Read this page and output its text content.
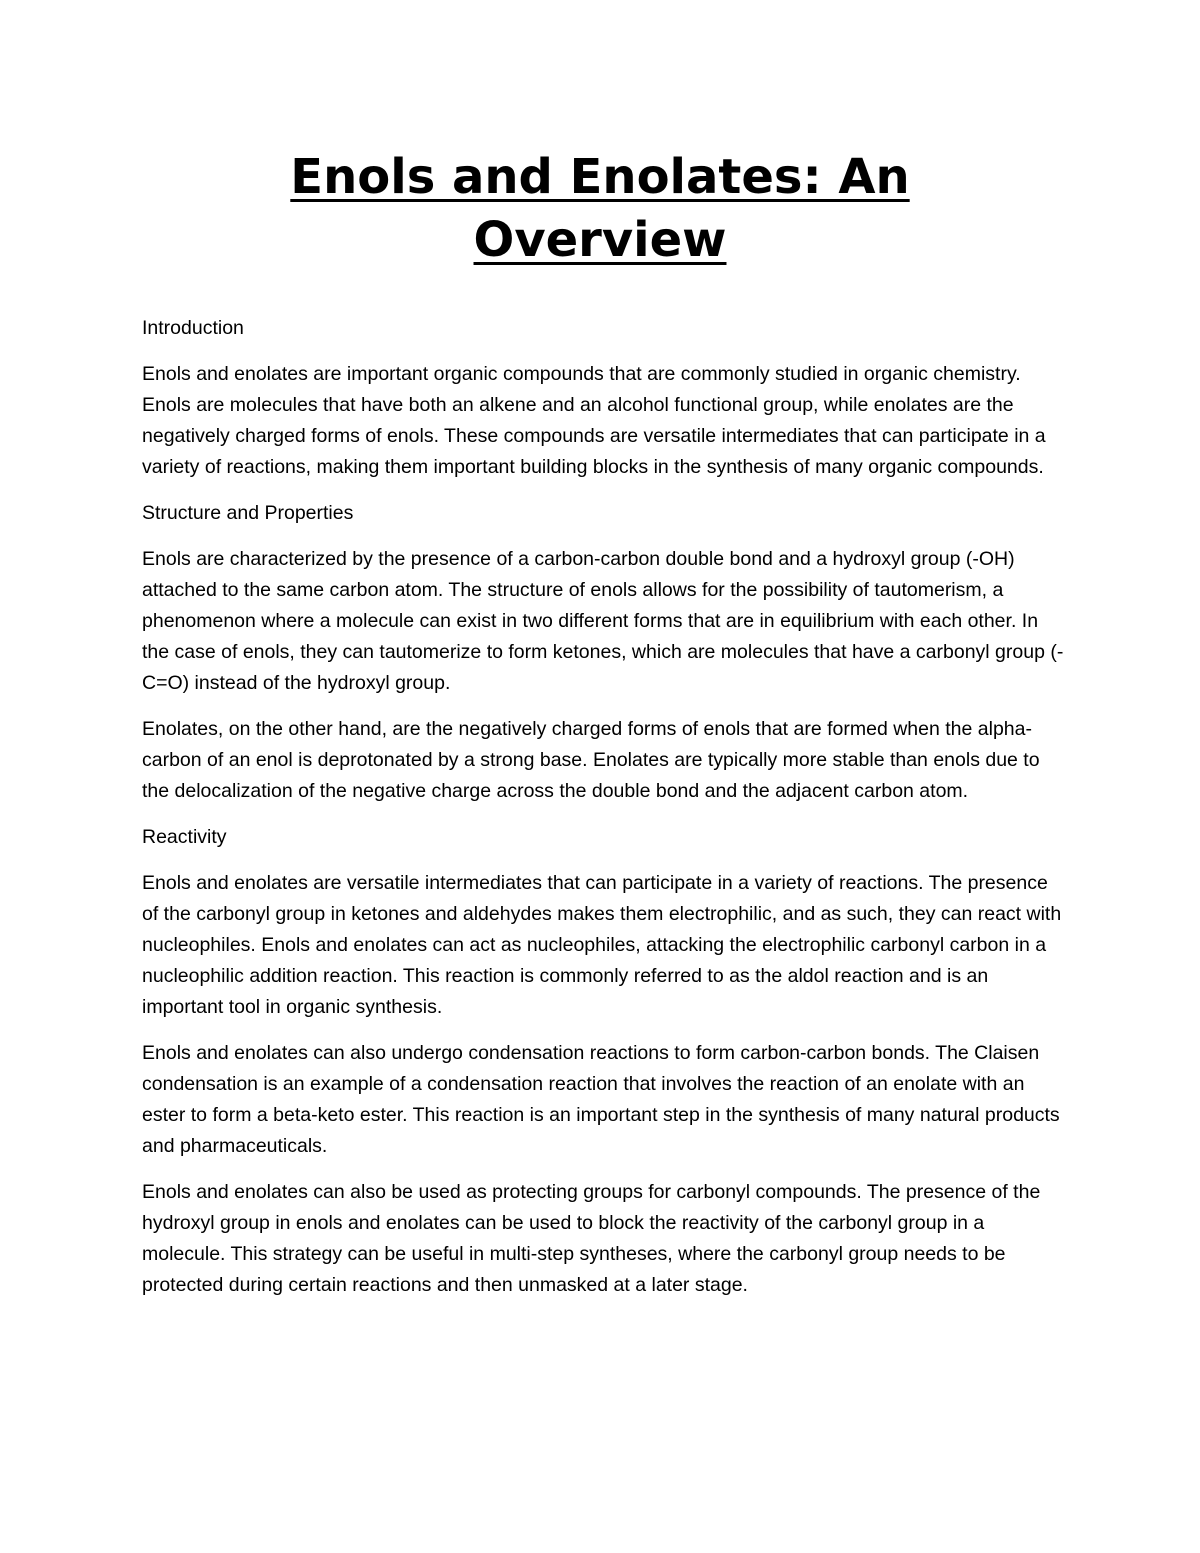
Enols and Enolates: An Overview

Introduction

Enols and enolates are important organic compounds that are commonly studied in organic chemistry. Enols are molecules that have both an alkene and an alcohol functional group, while enolates are the negatively charged forms of enols. These compounds are versatile intermediates that can participate in a variety of reactions, making them important building blocks in the synthesis of many organic compounds.

Structure and Properties

Enols are characterized by the presence of a carbon-carbon double bond and a hydroxyl group (-OH) attached to the same carbon atom. The structure of enols allows for the possibility of tautomerism, a phenomenon where a molecule can exist in two different forms that are in equilibrium with each other. In the case of enols, they can tautomerize to form ketones, which are molecules that have a carbonyl group (-C=O) instead of the hydroxyl group.

Enolates, on the other hand, are the negatively charged forms of enols that are formed when the alpha-carbon of an enol is deprotonated by a strong base. Enolates are typically more stable than enols due to the delocalization of the negative charge across the double bond and the adjacent carbon atom.

Reactivity

Enols and enolates are versatile intermediates that can participate in a variety of reactions. The presence of the carbonyl group in ketones and aldehydes makes them electrophilic, and as such, they can react with nucleophiles. Enols and enolates can act as nucleophiles, attacking the electrophilic carbonyl carbon in a nucleophilic addition reaction. This reaction is commonly referred to as the aldol reaction and is an important tool in organic synthesis.

Enols and enolates can also undergo condensation reactions to form carbon-carbon bonds. The Claisen condensation is an example of a condensation reaction that involves the reaction of an enolate with an ester to form a beta-keto ester. This reaction is an important step in the synthesis of many natural products and pharmaceuticals.

Enols and enolates can also be used as protecting groups for carbonyl compounds. The presence of the hydroxyl group in enols and enolates can be used to block the reactivity of the carbonyl group in a molecule. This strategy can be useful in multi-step syntheses, where the carbonyl group needs to be protected during certain reactions and then unmasked at a later stage.
